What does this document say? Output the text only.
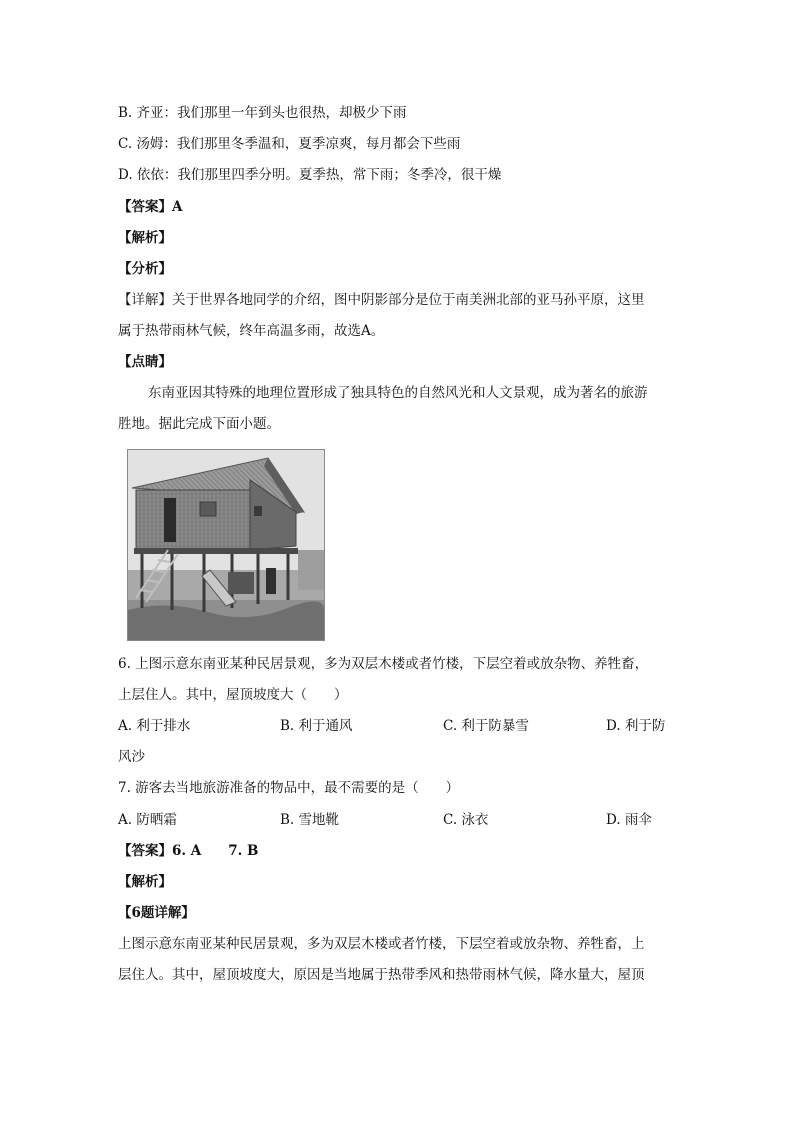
B. 齐亚：我们那里一年到头也很热，却极少下雨
C. 汤姆：我们那里冬季温和，夏季凉爽，每月都会下些雨
D. 依依：我们那里四季分明。夏季热，常下雨；冬季冷，很干燥
【答案】A
【解析】
【分析】
【详解】关于世界各地同学的介绍，图中阴影部分是位于南美洲北部的亚马孙平原，这里
属于热带雨林气候，终年高温多雨，故选A。
【点睛】
东南亚因其特殊的地理位置形成了独具特色的自然风光和人文景观，成为著名的旅游
胜地。据此完成下面小题。
6. 上图示意东南亚某种民居景观，多为双层木楼或者竹楼，下层空着或放杂物、养牲畜，
上层住人。其中，屋顶坡度大（　　）
A. 利于排水	B. 利于通风	C. 利于防暴雪	D. 利于防
风沙
7. 游客去当地旅游准备的物品中，最不需要的是（　　）
A. 防晒霜	B. 雪地靴	C. 泳衣	D. 雨伞
【答案】6. A　　7. B
【解析】
【6题详解】
上图示意东南亚某种民居景观，多为双层木楼或者竹楼，下层空着或放杂物、养牲畜，上
层住人。其中，屋顶坡度大，原因是当地属于热带季风和热带雨林气候，降水量大，屋顶
